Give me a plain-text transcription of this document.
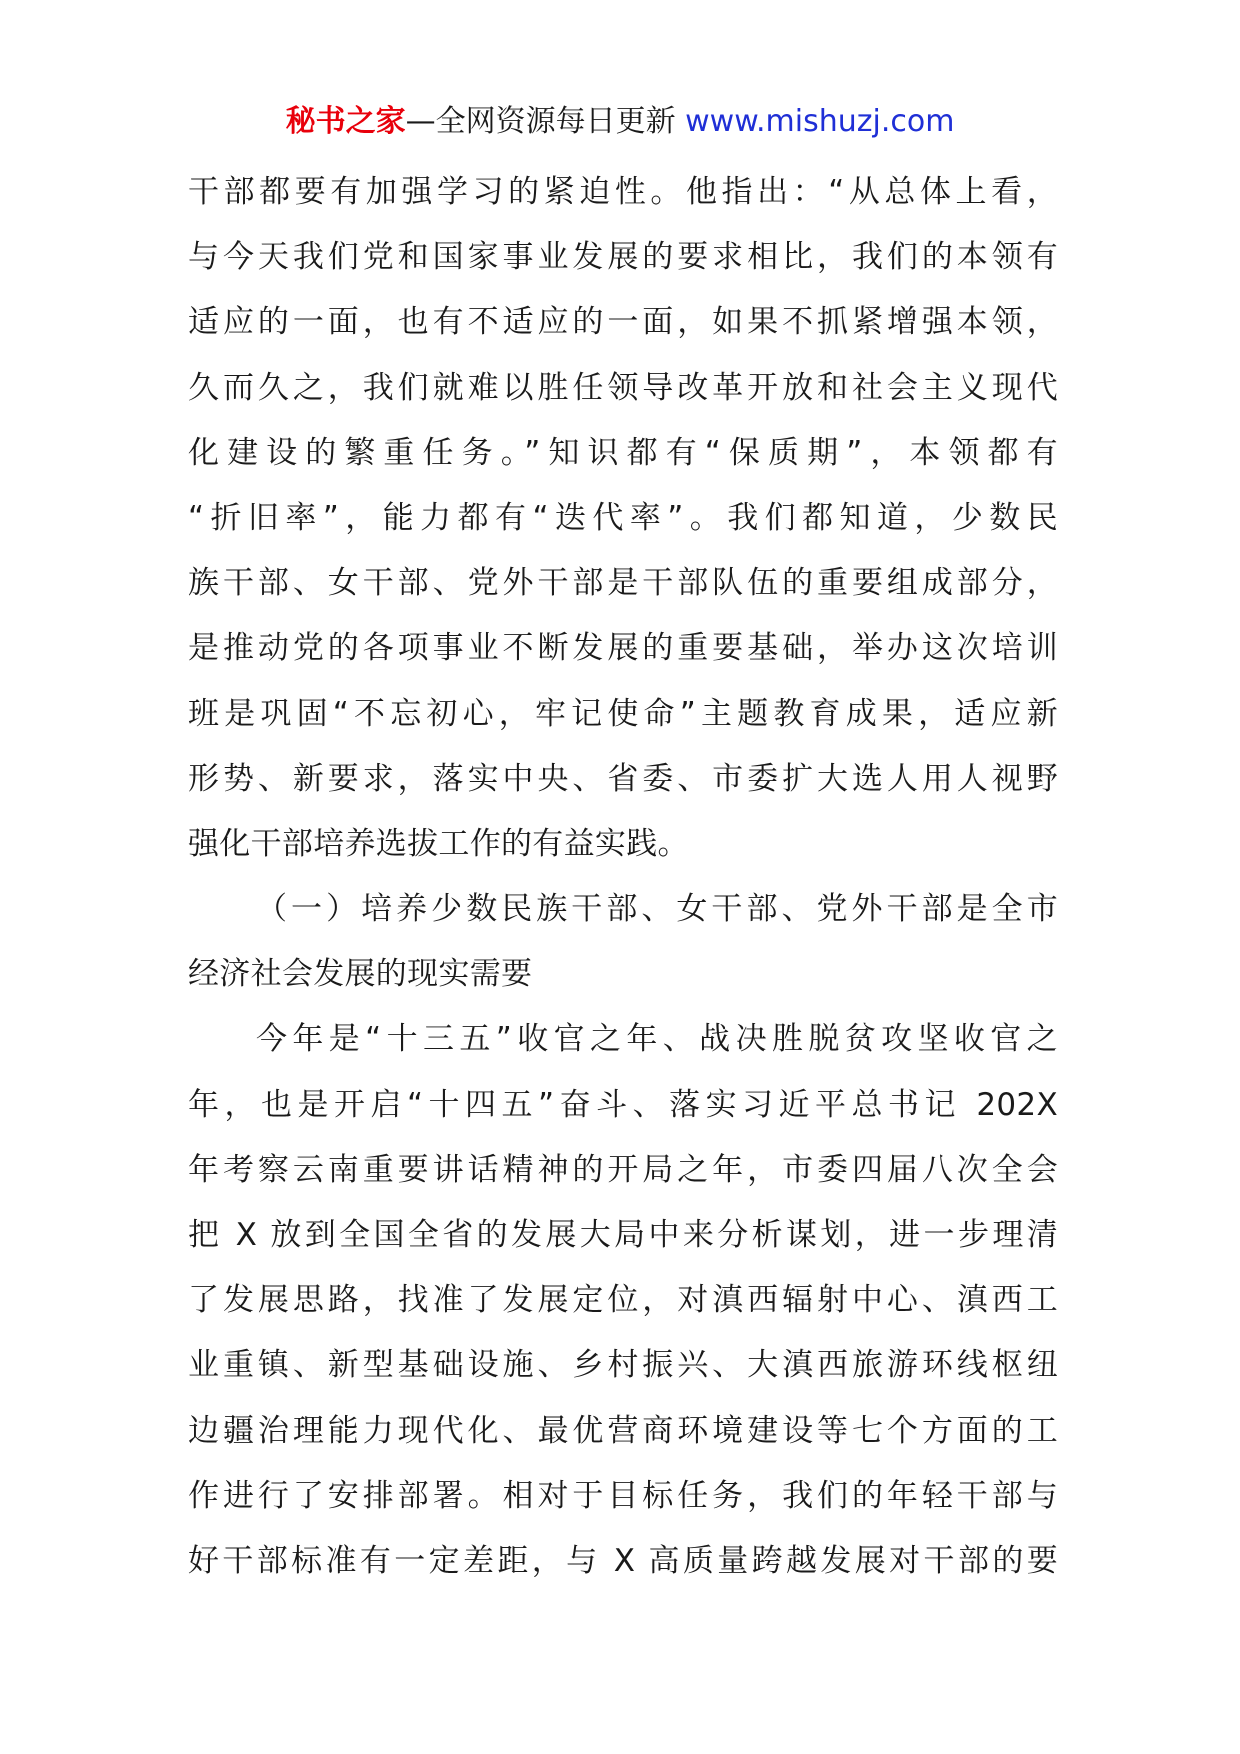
秘书之家—全网资源每日更新 www.mishuzj.com
干部都要有加强学习的紧迫性。他指出：“从总体上看，
与今天我们党和国家事业发展的要求相比，我们的本领有
适应的一面，也有不适应的一面，如果不抓紧增强本领，
久而久之，我们就难以胜任领导改革开放和社会主义现代
化建设的繁重任务。”知识都有“保质期”，本领都有
“折旧率”，能力都有“迭代率”。我们都知道，少数民
族干部、女干部、党外干部是干部队伍的重要组成部分，
是推动党的各项事业不断发展的重要基础，举办这次培训
班是巩固“不忘初心，牢记使命”主题教育成果，适应新
形势、新要求，落实中央、省委、市委扩大选人用人视野
强化干部培养选拔工作的有益实践。
（一）培养少数民族干部、女干部、党外干部是全市
经济社会发展的现实需要
今年是“十三五”收官之年、战决胜脱贫攻坚收官之
年，也是开启“十四五”奋斗、落实习近平总书记 202X
年考察云南重要讲话精神的开局之年，市委四届八次全会
把 X 放到全国全省的发展大局中来分析谋划，进一步理清
了发展思路，找准了发展定位，对滇西辐射中心、滇西工
业重镇、新型基础设施、乡村振兴、大滇西旅游环线枢纽
边疆治理能力现代化、最优营商环境建设等七个方面的工
作进行了安排部署。相对于目标任务，我们的年轻干部与
好干部标准有一定差距，与 X 高质量跨越发展对干部的要
